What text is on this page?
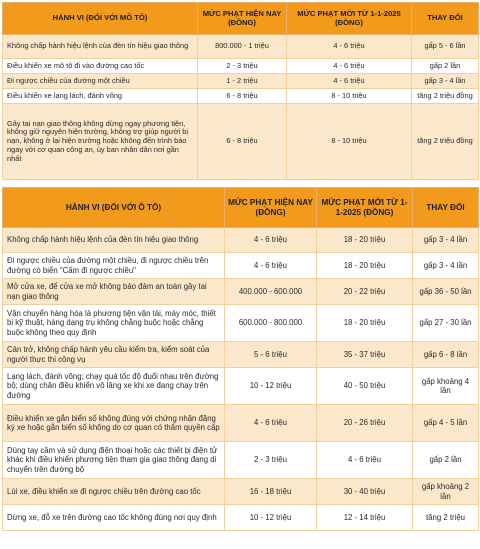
HÀNH VI (ĐỐI VỚI MÔ TÔ)	MỨC PHẠT HIỆN NAY (ĐỒNG)	MỨC PHẠT MỚI TỪ 1-1-2025 (ĐỒNG)	THAY ĐỔI
Không chấp hành hiệu lệnh của đèn tín hiệu giao thông	800.000 - 1 triệu	4 - 6 triệu	gấp 5 - 6 lần
Điều khiển xe mô tô đi vào đường cao tốc	2 - 3 triệu	4 - 6 triệu	gấp 2 lần
Đi ngược chiều của đường một chiều	1 - 2 triệu	4 - 6 triệu	gấp 3 - 4 lần
Điều khiển xe lạng lách, đánh võng	6 - 8 triệu	8 - 10 triệu	tăng 2 triệu đồng
Gây tai nạn giao thông không dừng ngay phương tiện, không giữ nguyên hiện trường, không trợ giúp người bị nạn, không ở lại hiện trường hoặc không đến trình báo ngay với cơ quan công an, ủy ban nhân dân nơi gần nhất	6 - 8 triệu	8 - 10 triệu	tăng 2 triệu đồng
HÀNH VI (ĐỐI VỚI Ô TÔ)	MỨC PHẠT HIỆN NAY (ĐỒNG)	MỨC PHẠT MỚI TỪ 1-1-2025 (ĐỒNG)	THAY ĐỔI
Không chấp hành hiệu lệnh của đèn tín hiệu giao thông	4 - 6 triệu	18 - 20 triệu	gấp 3 - 4 lần
Đi ngược chiều của đường một chiều, đi ngược chiều trên đường có biển "Cấm đi ngược chiều"	4 - 6 triệu	18 - 20 triệu	gấp 3 - 4 lần
Mở cửa xe, để cửa xe mở không bảo đảm an toàn gây tai nạn giao thông	400.000 - 600.000	20 - 22 triệu	gấp 36 - 50 lần
Vận chuyển hàng hóa là phương tiện vận tải, máy móc, thiết bị kỹ thuật, hàng dạng trụ không chằng buộc hoặc chằng buộc không theo quy định	600.000 - 800.000	18 - 20 triệu	gấp 27 - 30 lần
Cản trở, không chấp hành yêu cầu kiểm tra, kiểm soát của người thực thi công vụ	5 - 6 triệu	35 - 37 triệu	gấp 6 - 8 lần
Lạng lách, đánh võng; chạy quá tốc độ đuổi nhau trên đường bộ; dùng chân điều khiển vô lăng xe khi xe đang chạy trên đường	10 - 12 triệu	40 - 50 triệu	gấp khoảng 4 lần
Điều khiển xe gắn biển số không đúng với chứng nhận đăng ký xe hoặc gắn biển số không do cơ quan có thẩm quyền cấp	4 - 6 triệu	20 - 26 triệu	gấp 4 - 5 lần
Dùng tay cầm và sử dụng điện thoại hoặc các thiết bị điện tử khác khi điều khiển phương tiện tham gia giao thông đang di chuyển trên đường bộ	2 - 3 triệu	4 - 6 triệu	gấp 2 lần
Lùi xe, điều khiển xe đi ngược chiều trên đường cao tốc	16 - 18 triệu	30 - 40 triệu	gấp khoảng 2 lần
Dừng xe, đỗ xe trên đường cao tốc không đúng nơi quy định	10 - 12 triệu	12 - 14 triệu	tăng 2 triệu
